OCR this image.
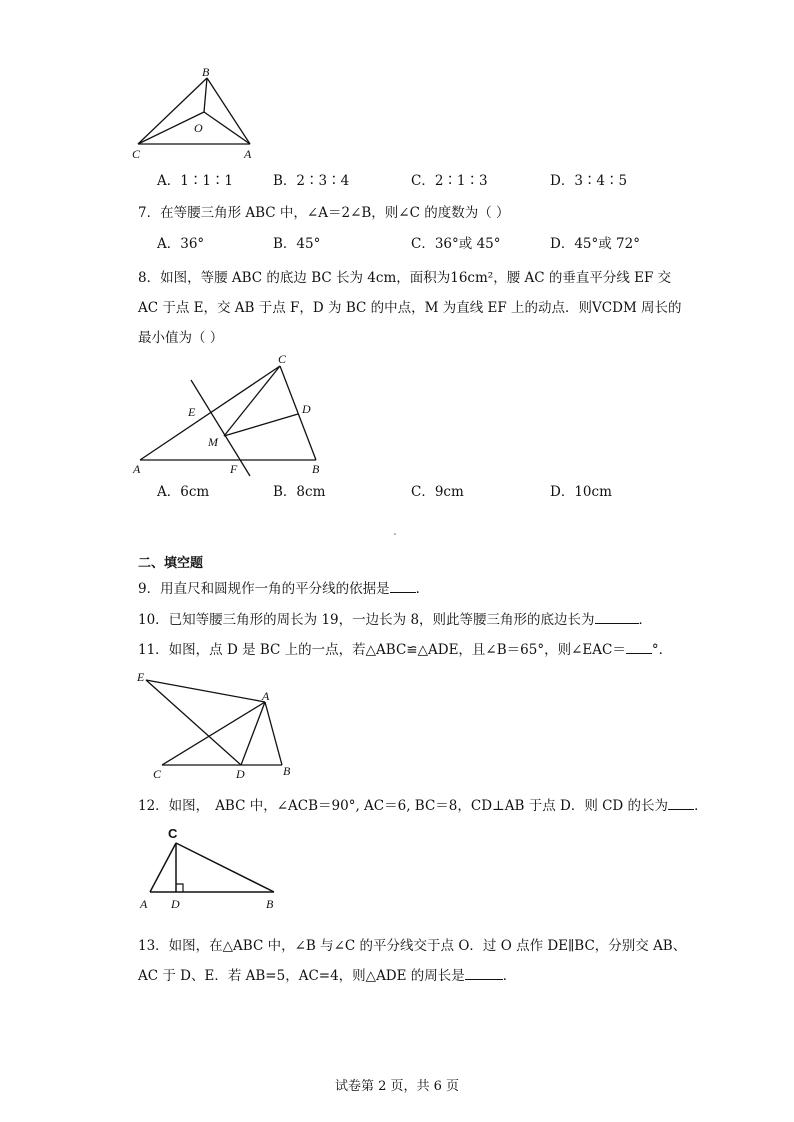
B
O
C	A
A．1∶1∶1	B．2∶3∶4	C．2∶1∶3	D．3∶4∶5
7．在等腰三角形 ABC 中，∠A＝2∠B，则∠C 的度数为（ ）
A．36°	B．45°	C．36°或 45°	D．45°或 72°
8．如图，等腰 ABC 的底边 BC 长为 4cm，面积为16cm²，腰 AC 的垂直平分线 EF 交
AC 于点 E，交 AB 于点 F，D 为 BC 的中点，M 为直线 EF 上的动点．则VCDM 周长的
最小值为（ ）
C
E	D
M
A	F	B
A．6cm	B．8cm	C．9cm	D．10cm
二、填空题
9．用直尺和圆规作一角的平分线的依据是 ．
10．已知等腰三角形的周长为 19，一边长为 8，则此等腰三角形的底边长为	．
11．如图，点 D 是 BC 上的一点，若△ABC≌△ADE，且∠B＝65°，则∠EAC＝ °．
E
A
C	D	B
12．如图， ABC 中，∠ACB＝90°, AC＝6, BC＝8，CD⊥AB 于点 D．则 CD 的长为 ．
C
A D	B
13．如图，在△ABC 中，∠B 与∠C 的平分线交于点 O．过 O 点作 DE∥BC，分别交 AB、
AC 于 D、E．若 AB=5，AC=4，则△ADE 的周长是	．
试卷第 2 页，共 6 页
